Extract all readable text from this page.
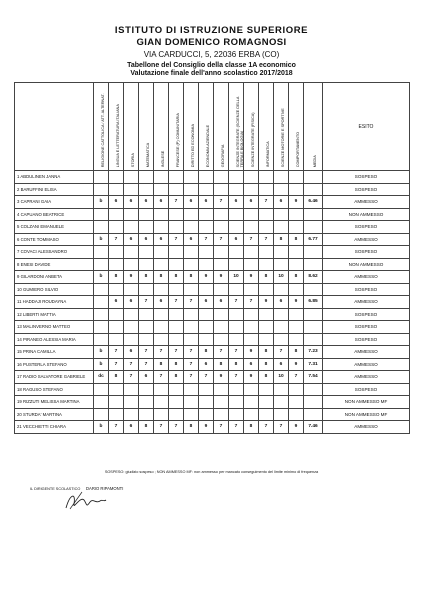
ISTITUTO DI ISTRUZIONE SUPERIORE
GIAN DOMENICO ROMAGNOSI
VIA CARDUCCI, 5, 22036 ERBA (CO)
Tabellone del Consiglio della classe 1A economico
Valutazione finale dell'anno scolastico 2017/2018

	RELIGIONE CATTOLICA / ATT. ALTERNAT.	LINGUA E LETTERATURA ITALIANA	STORIA	MATEMATICA	INGLESE	FRANCESE (P) COMUNITARIA	DIRITTO ED ECONOMIA	ECONOMIA AZIENDALE	GEOGRAFIA	SCIENZE INTEGRATE (SCIENZE DELLA TERRA E BIOLOGIA)	SCIENZE INTEGRATE (FISICA)	INFORMATICA	SCIENZE MOTORIE E SPORTIVE	COMPORTAMENTO	MEDIA	ESITO
1 ABDULINEN JANNA																SOSPESO
2 BARUFFINI ELISA																SOSPESO
3 CAPRANI GAIA	b	6	6	6	6	7	6	6	7	6	6	7	6	9	6.46	AMMESSO
4 CAPUANO BEATRICE																NON AMMESSO
5 COLZANI EMANUELE																SOSPESO
6 CONTE TOMMASO	b	7	6	6	6	7	6	7	7	6	7	7	8	8	6.77	AMMESSO
7 COVACI ALESSANDRO																SOSPESO
8 ENESI DAVIDE																NON AMMESSO
9 GILARDONI ANBETA	b	8	9	8	8	8	8	9	9	10	9	8	10	8	8.62	AMMESSO
10 GUMIERO SILVIO																SOSPESO
11 HADDAJI ROUDAYNA		6	6	7	6	7	7	6	6	7	7	9	6	9	6.85	AMMESSO
12 LIBERTI MATTIA																SOSPESO
13 MALINVERNO MATTEO																SOSPESO
14 PIRANEO ALESSIA MARIA																SOSPESO
15 PRINA CAMILLA	b	7	6	7	7	7	7	8	7	7	9	8	7	8	7.23	AMMESSO
16 PUSTERLA STEFANO	b	7	7	7	8	8	7	6	8	8	6	8	6	9	7.31	AMMESSO
17 RADIO SALVATORE GABRIELE	dc	8	7	6	7	8	7	7	9	7	9	8	10	7	7.54	AMMESSO
18 RAGUSO STEFANO																SOSPESO
19 RIZZUTI MELISSA MARTINA																NON AMMESSO MF
20 STURDA' MARTINA																NON AMMESSO MF
21 VECCHIETTI CHIARA	b	7	6	8	7	7	8	9	7	7	8	7	7	9	7.46	AMMESSO
SOSPESO: giudizio sospeso ; NON AMMESSO MF: non ammesso per mancato conseguimento del limite minimo di frequenza
IL DIRIGENTE SCOLASTICO DARIO RIPAMONTI
